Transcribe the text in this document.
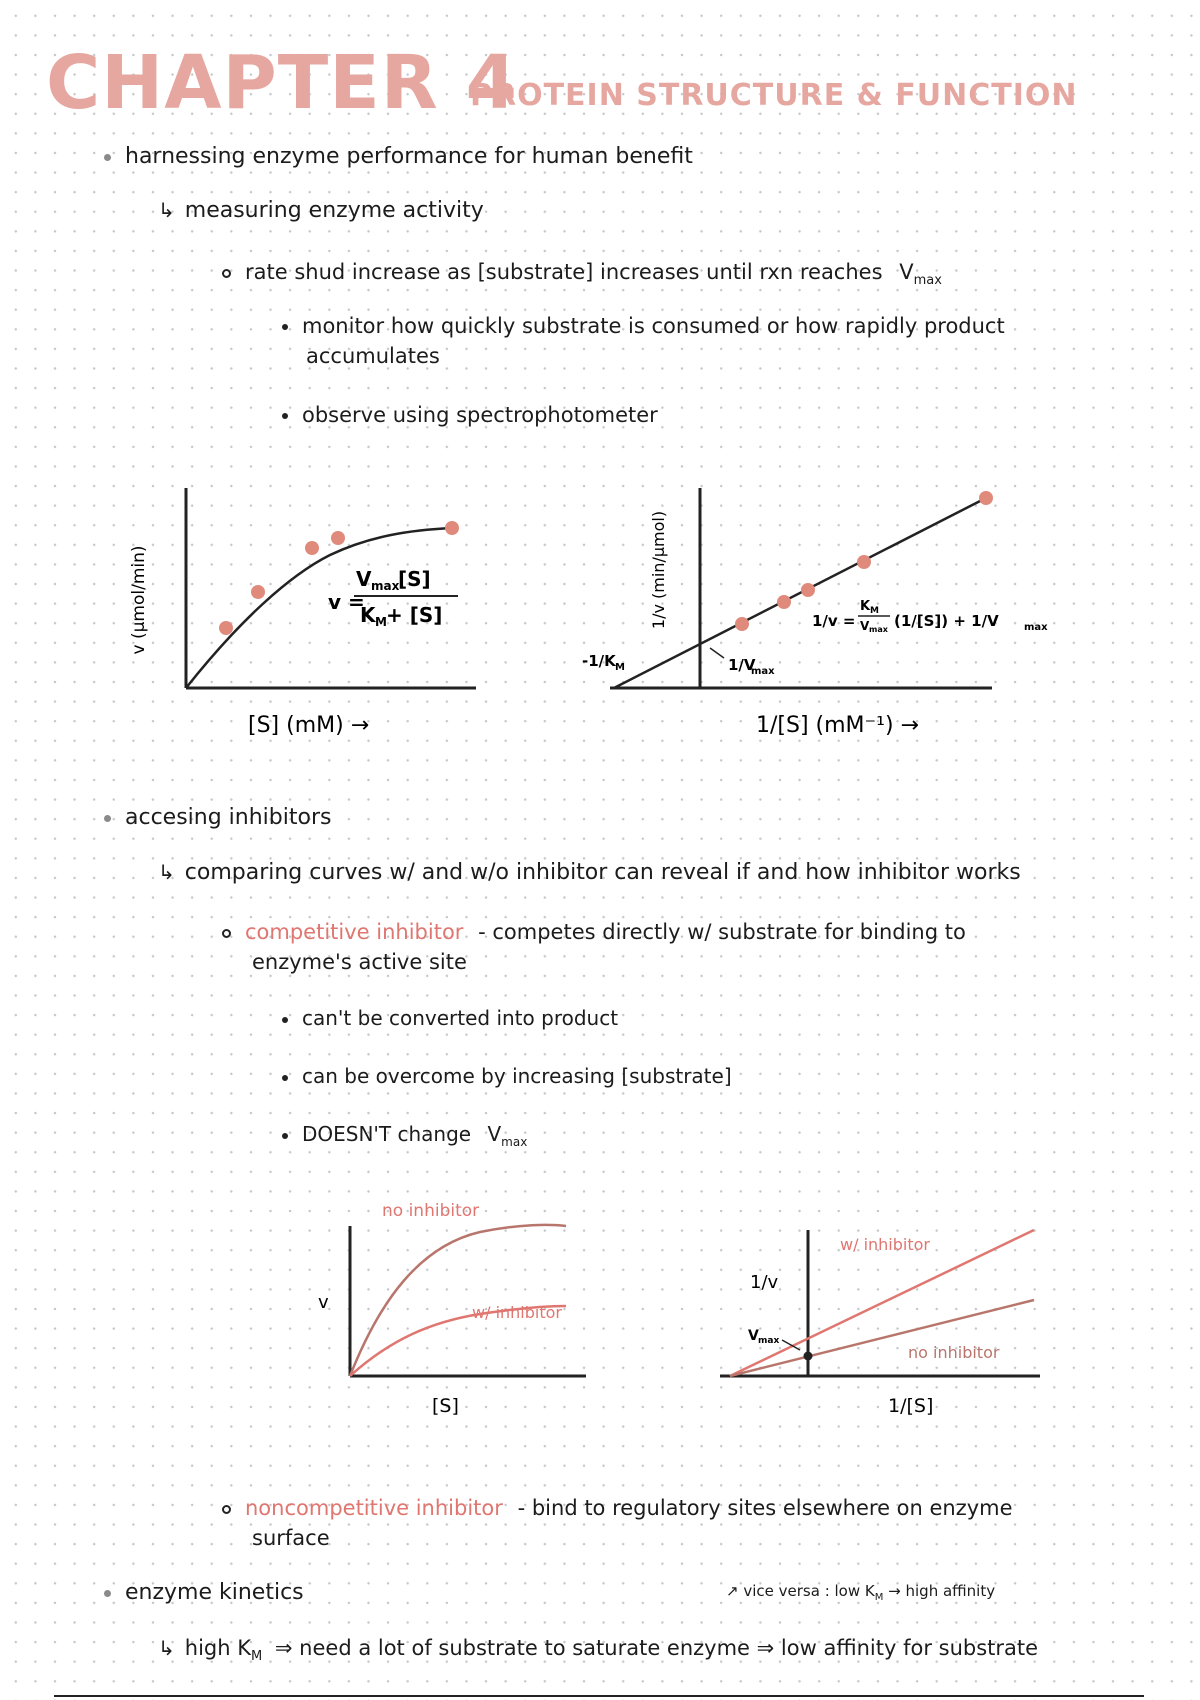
CHAPTER 4
PROTEIN STRUCTURE & FUNCTION
harnessing enzyme performance for human benefit
↳ measuring enzyme activity
rate shud increase as [substrate] increases until rxn reaches $V_{max}$
monitor how quickly substrate is consumed or how rapidly product
accumulates
observe using spectrophotometer
v (μmol/min)	V max
[S]
K M + [S]
v =
[S] (mM) →
1/v (min/μmol)
-1/K M	1/V
max
1/v =
K M
V max (1/[S]) + 1/V	max
1/[S] (mM⁻¹) →
accesing inhibitors
↳ comparing curves w/ and w/o inhibitor can reveal if and how inhibitor works
competitive inhibitor - competes directly w/ substrate for binding to
enzyme's active site
can't be converted into product
can be overcome by increasing [substrate]
DOESN'T change $V_{max}$
v
no inhibitor
w/ inhibitor
[S]
1/v
V max
w/ inhibitor
no inhibitor
1/[S]
noncompetitive inhibitor - bind to regulatory sites elsewhere on enzyme
surface
enzyme kinetics	↗ vice versa : low $K_M$ → high affinity
↳ high $K_M$ ⇒ need a lot of substrate to saturate enzyme ⇒ low affinity for substrate
